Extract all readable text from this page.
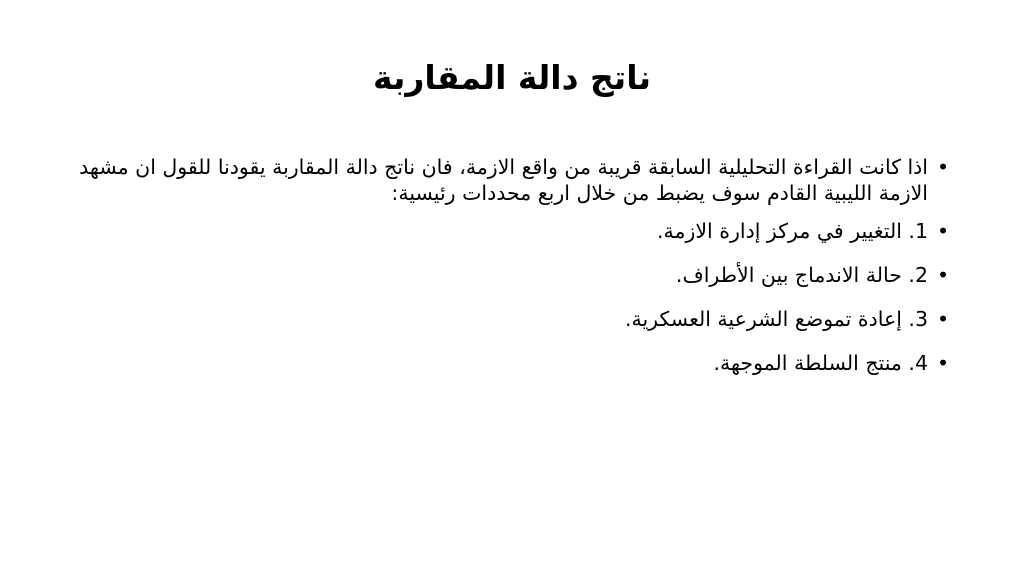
ناتج دالة المقاربة
•
اذا كانت القراءة التحليلية السابقة قريبة من واقع الازمة، فان ناتج دالة المقاربة يقودنا للقول ان مشهد الازمة الليبية القادم سوف يضبط من خلال اربع محددات رئيسية:
•
1. التغيير في مركز إدارة الازمة.
•
2. حالة الاندماج بين الأطراف.
•
3. إعادة تموضع الشرعية العسكرية.
•
4. منتج السلطة الموجهة.
